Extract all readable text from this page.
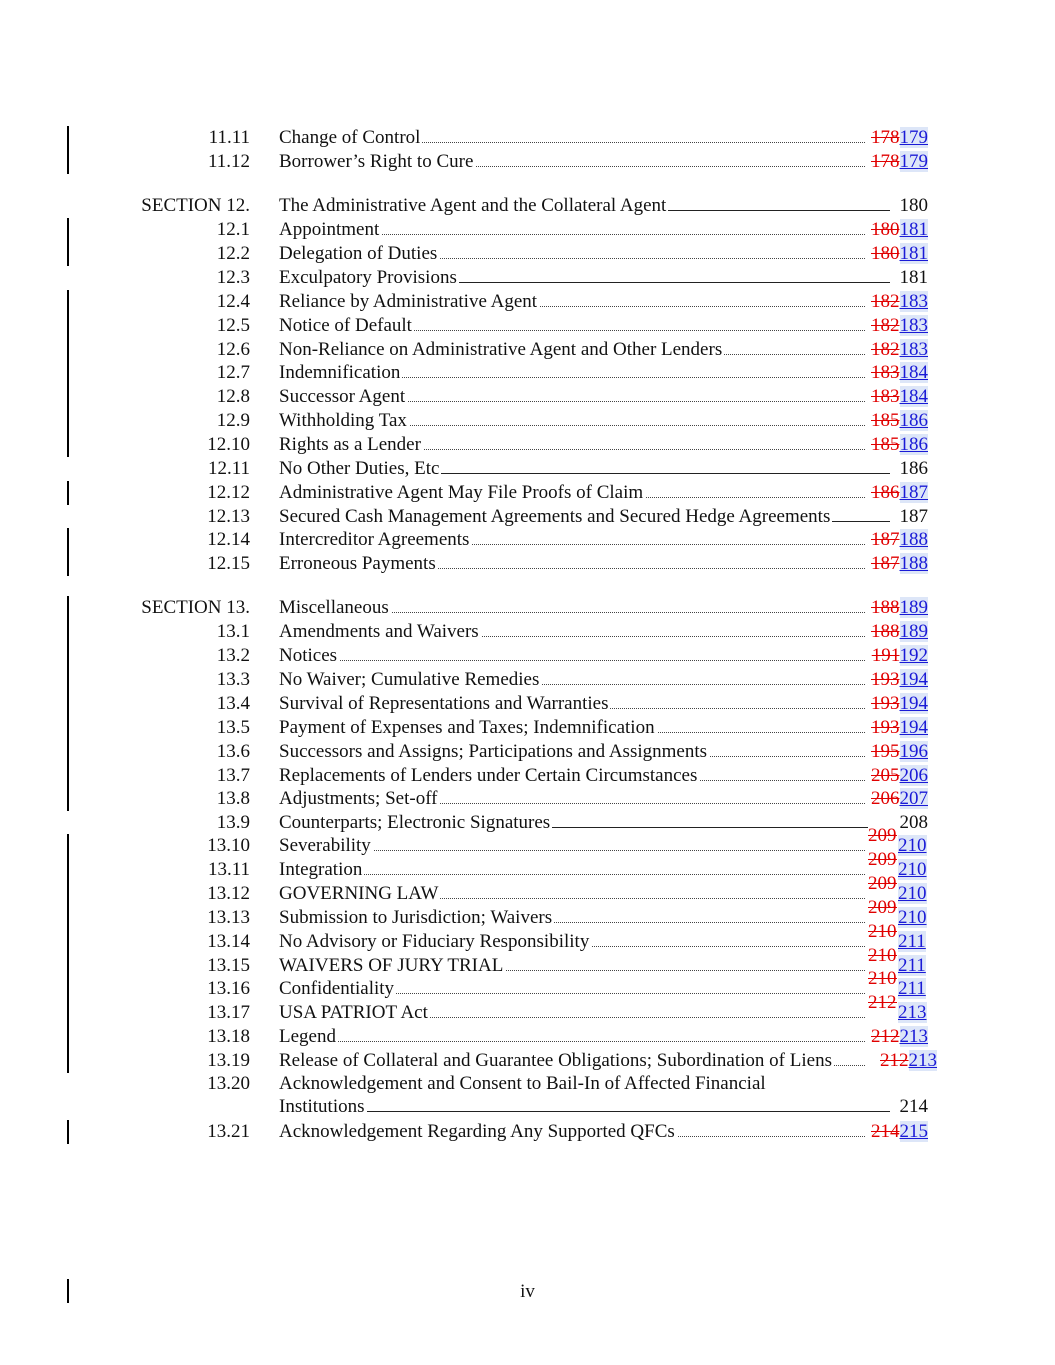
11.11 Change of Control	178179
11.12 Borrower’s Right to Cure	178179
SECTION 12. The Administrative Agent and the Collateral Agent	180
12.1 Appointment	180181
12.2 Delegation of Duties	180181
12.3 Exculpatory Provisions	181
12.4 Reliance by Administrative Agent	182183
12.5 Notice of Default	182183
12.6 Non-Reliance on Administrative Agent and Other Lenders	182183
12.7 Indemnification	183184
12.8 Successor Agent	183184
12.9 Withholding Tax	185186
12.10 Rights as a Lender	185186
12.11 No Other Duties, Etc	186
12.12 Administrative Agent May File Proofs of Claim	186187
12.13 Secured Cash Management Agreements and Secured Hedge Agreements	187
12.14 Intercreditor Agreements	187188
12.15 Erroneous Payments	187188
SECTION 13. Miscellaneous	188189
13.1 Amendments and Waivers	188189
13.2 Notices	191192
13.3 No Waiver; Cumulative Remedies	193194
13.4 Survival of Representations and Warranties	193194
13.5 Payment of Expenses and Taxes; Indemnification	193194
13.6 Successors and Assigns; Participations and Assignments	195196
13.7 Replacements of Lenders under Certain Circumstances	205206
13.8 Adjustments; Set-off	206207
13.9 Counterparts; Electronic Signatures	208
13.10 Severability	209 210
13.11 Integration	209 210
13.12 GOVERNING LAW	209 210
13.13 Submission to Jurisdiction; Waivers	209 210
13.14 No Advisory or Fiduciary Responsibility	210 211
13.15 WAIVERS OF JURY TRIAL	210 211
13.16 Confidentiality	210 211
13.17 USA PATRIOT Act	212 213
13.18 Legend	212213
13.19 Release of Collateral and Guarantee Obligations; Subordination of Liens	212213
13.20 Acknowledgement and Consent to Bail-In of Affected Financial
Institutions	214
13.21 Acknowledgement Regarding Any Supported QFCs	214215
iv
